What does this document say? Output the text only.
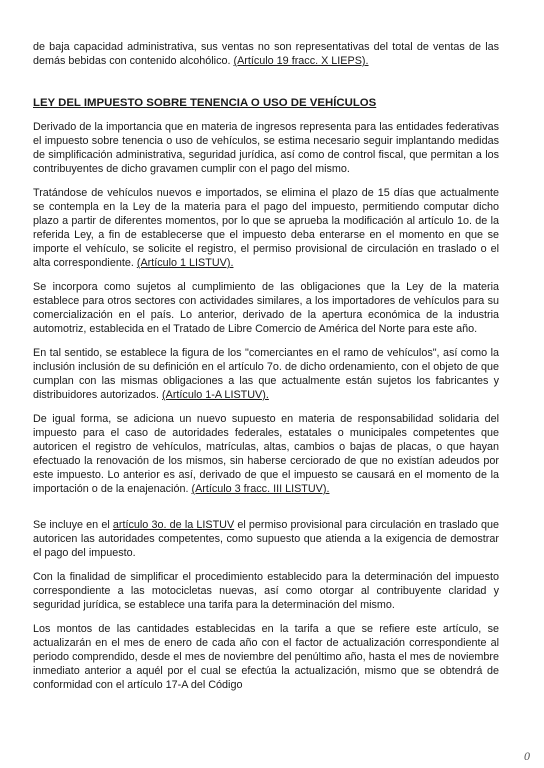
de baja capacidad administrativa, sus ventas no son representativas del total de ventas de las demás bebidas con contenido alcohólico. (Artículo 19 fracc. X LIEPS).

LEY DEL IMPUESTO SOBRE TENENCIA O USO DE VEHÍCULOS

Derivado de la importancia que en materia de ingresos representa para las entidades federativas el impuesto sobre tenencia o uso de vehículos, se estima necesario seguir implantando medidas de simplificación administrativa, seguridad jurídica, así como de control fiscal, que permitan a los contribuyentes de dicho gravamen cumplir con el pago del mismo.

Tratándose de vehículos nuevos e importados, se elimina el plazo de 15 días que actualmente se contempla en la Ley de la materia para el pago del impuesto, permitiendo computar dicho plazo a partir de diferentes momentos, por lo que se aprueba la modificación al artículo 1o. de la referida Ley, a fin de establecerse que el impuesto deba enterarse en el momento en que se importe el vehículo, se solicite el registro, el permiso provisional de circulación en traslado o el alta correspondiente. (Artículo 1 LISTUV).

Se incorpora como sujetos al cumplimiento de las obligaciones que la Ley de la materia establece para otros sectores con actividades similares, a los importadores de vehículos para su comercialización en el país. Lo anterior, derivado de la apertura económica de la industria automotriz, establecida en el Tratado de Libre Comercio de América del Norte para este año.

En tal sentido, se establece la figura de los "comerciantes en el ramo de vehículos", así como la inclusión inclusión de su definición en el artículo 7o. de dicho ordenamiento, con el objeto de que cumplan con las mismas obligaciones a las que actualmente están sujetos los fabricantes y distribuidores autorizados. (Artículo 1-A LISTUV).

De igual forma, se adiciona un nuevo supuesto en materia de responsabilidad solidaria del impuesto para el caso de autoridades federales, estatales o municipales competentes que autoricen el registro de vehículos, matrículas, altas, cambios o bajas de placas, o que hayan efectuado la renovación de los mismos, sin haberse cerciorado de que no existían adeudos por este impuesto. Lo anterior es así, derivado de que el impuesto se causará en el momento de la importación o de la enajenación. (Artículo 3 fracc. III LISTUV).

Se incluye en el artículo 3o. de la LISTUV el permiso provisional para circulación en traslado que autoricen las autoridades competentes, como supuesto que atienda a la exigencia de demostrar el pago del impuesto.

Con la finalidad de simplificar el procedimiento establecido para la determinación del impuesto correspondiente a las motocicletas nuevas, así como otorgar al contribuyente claridad y seguridad jurídica, se establece una tarifa para la determinación del mismo.

Los montos de las cantidades establecidas en la tarifa a que se refiere este artículo, se actualizarán en el mes de enero de cada año con el factor de actualización correspondiente al periodo comprendido, desde el mes de noviembre del penúltimo año, hasta el mes de noviembre inmediato anterior a aquél por el cual se efectúa la actualización, mismo que se obtendrá de conformidad con el artículo 17-A del Código

0
